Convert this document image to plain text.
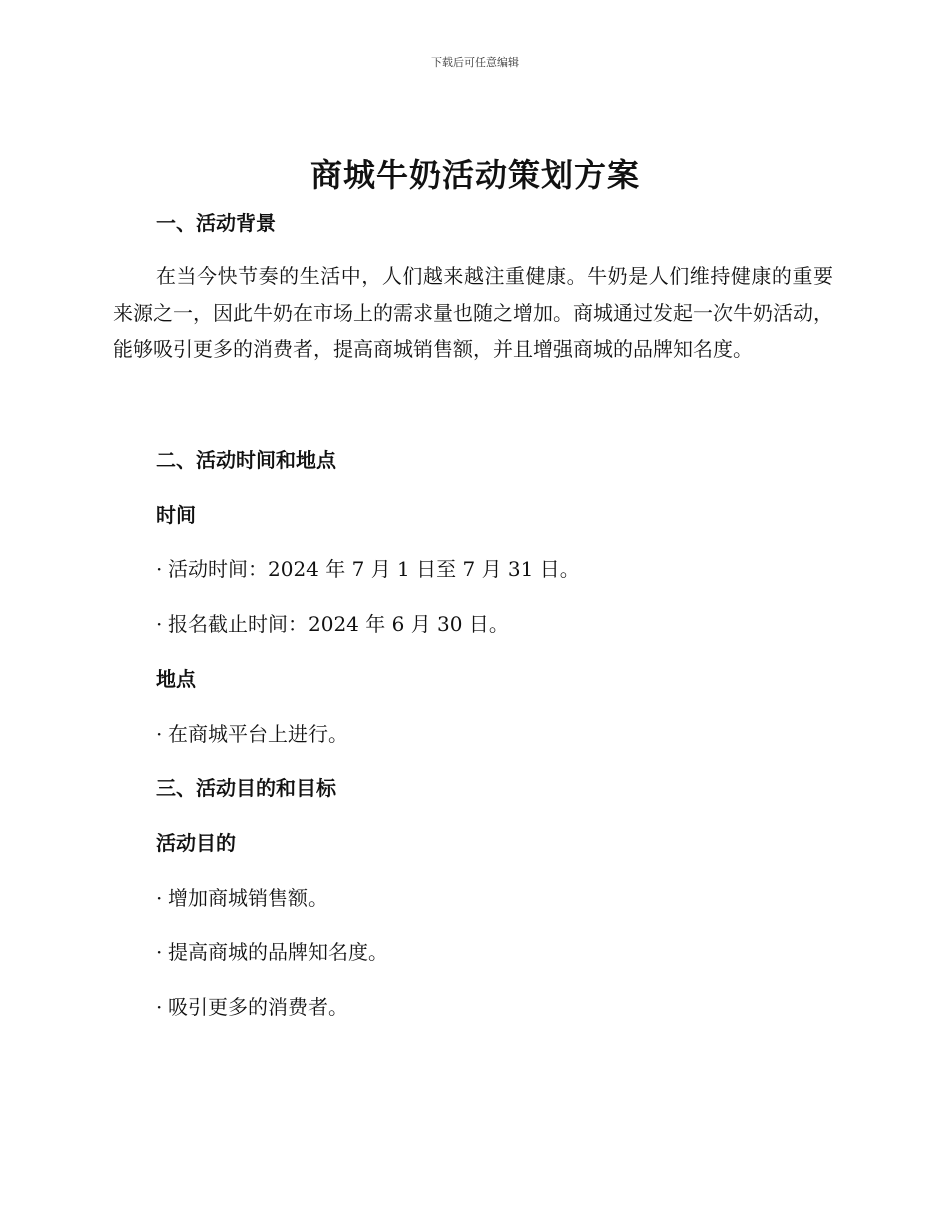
下载后可任意编辑
商城牛奶活动策划方案
一、活动背景
在当今快节奏的生活中，人们越来越注重健康。牛奶是人们维持健康的重要来源之一，因此牛奶在市场上的需求量也随之增加。商城通过发起一次牛奶活动，能够吸引更多的消费者，提高商城销售额，并且增强商城的品牌知名度。
二、活动时间和地点
时间
· 活动时间：2024 年 7 月 1 日至 7 月 31 日。
· 报名截止时间：2024 年 6 月 30 日。
地点
· 在商城平台上进行。
三、活动目的和目标
活动目的
· 增加商城销售额。
· 提高商城的品牌知名度。
· 吸引更多的消费者。
